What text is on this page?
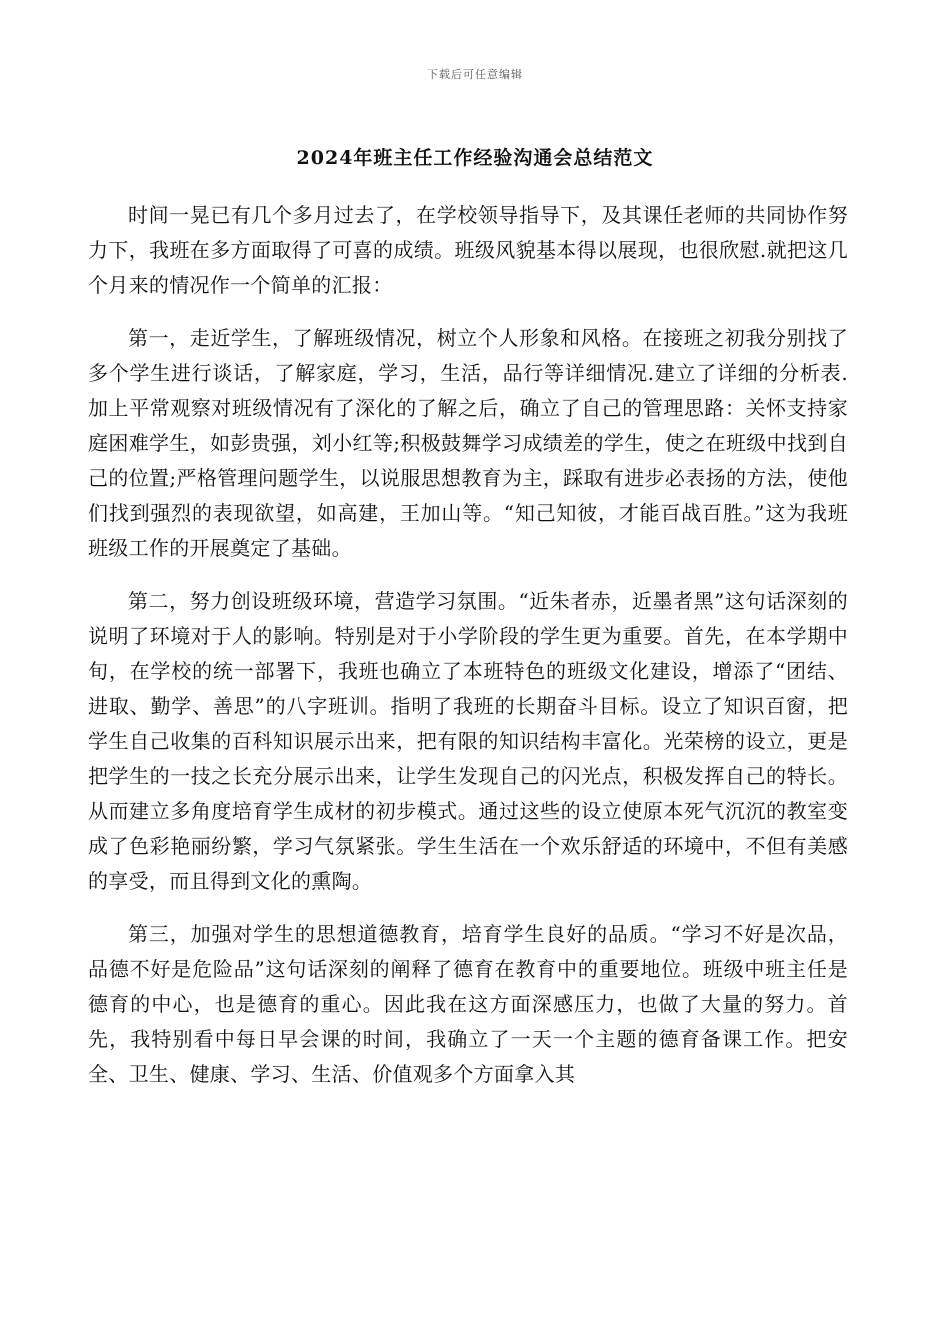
下载后可任意编辑
2024年班主任工作经验沟通会总结范文

时间一晃已有几个多月过去了，在学校领导指导下，及其课任老师的共同协作努力下，我班在多方面取得了可喜的成绩。班级风貌基本得以展现，也很欣慰.就把这几个月来的情况作一个简单的汇报：

第一，走近学生，了解班级情况，树立个人形象和风格。在接班之初我分别找了多个学生进行谈话，了解家庭，学习，生活，品行等详细情况.建立了详细的分析表.加上平常观察对班级情况有了深化的了解之后，确立了自己的管理思路：关怀支持家庭困难学生，如彭贵强，刘小红等;积极鼓舞学习成绩差的学生，使之在班级中找到自己的位置;严格管理问题学生，以说服思想教育为主，踩取有进步必表扬的方法，使他们找到强烈的表现欲望，如高建，王加山等。“知己知彼，才能百战百胜。”这为我班班级工作的开展奠定了基础。

第二，努力创设班级环境，营造学习氛围。“近朱者赤，近墨者黑”这句话深刻的说明了环境对于人的影响。特别是对于小学阶段的学生更为重要。首先，在本学期中旬，在学校的统一部署下，我班也确立了本班特色的班级文化建设，增添了“团结、进取、勤学、善思”的八字班训。指明了我班的长期奋斗目标。设立了知识百窗，把学生自己收集的百科知识展示出来，把有限的知识结构丰富化。光荣榜的设立，更是把学生的一技之长充分展示出来，让学生发现自己的闪光点，积极发挥自己的特长。从而建立多角度培育学生成材的初步模式。通过这些的设立使原本死气沉沉的教室变成了色彩艳丽纷繁，学习气氛紧张。学生生活在一个欢乐舒适的环境中，不但有美感的享受，而且得到文化的熏陶。

第三，加强对学生的思想道德教育，培育学生良好的品质。“学习不好是次品，品德不好是危险品”这句话深刻的阐释了德育在教育中的重要地位。班级中班主任是德育的中心，也是德育的重心。因此我在这方面深感压力，也做了大量的努力。首先，我特别看中每日早会课的时间，我确立了一天一个主题的德育备课工作。把安全、卫生、健康、学习、生活、价值观多个方面拿入其
